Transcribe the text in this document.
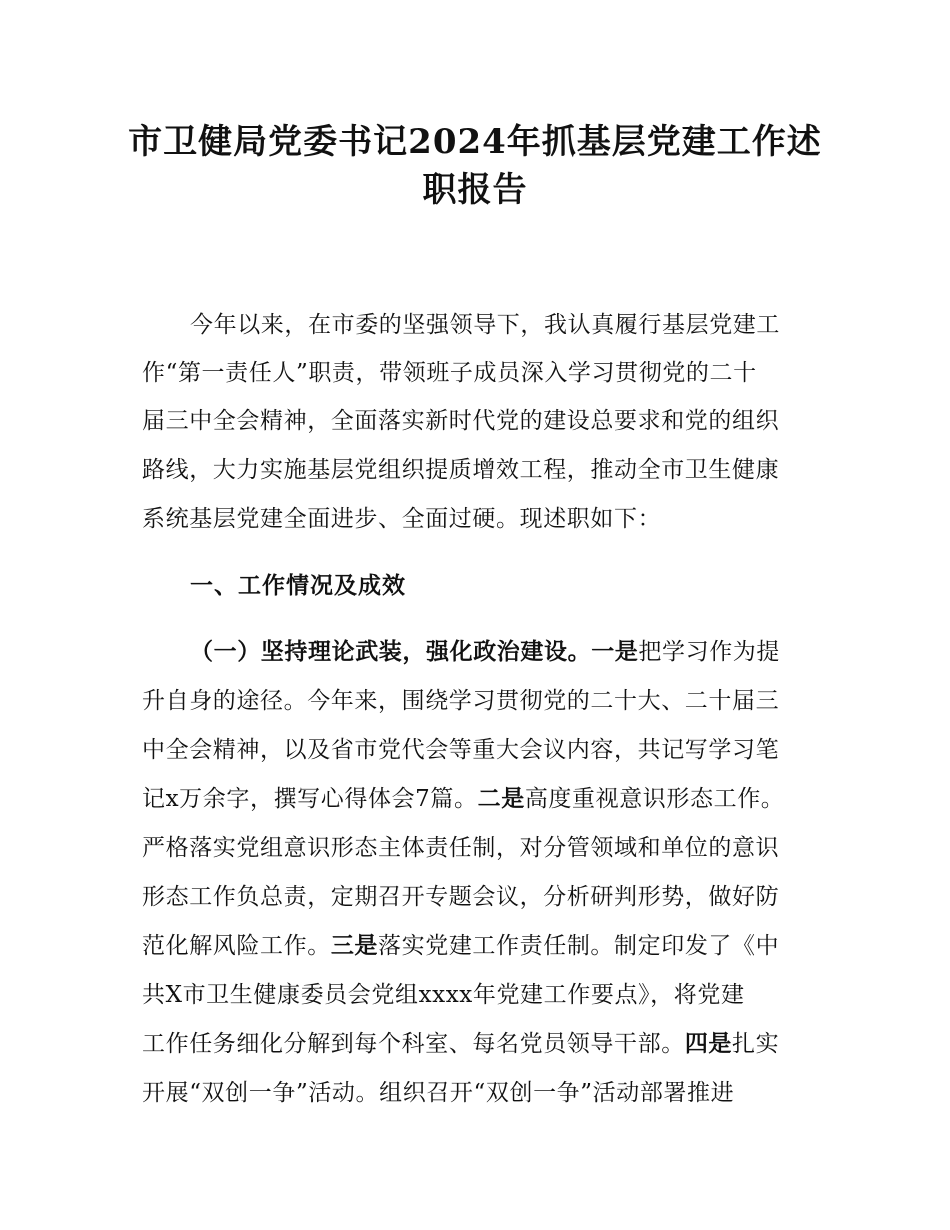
市卫健局党委书记2024年抓基层党建工作述
职报告
今年以来，在市委的坚强领导下，我认真履行基层党建工
作“第一责任人”职责，带领班子成员深入学习贯彻党的二十
届三中全会精神，全面落实新时代党的建设总要求和党的组织
路线，大力实施基层党组织提质增效工程，推动全市卫生健康
系统基层党建全面进步、全面过硬。现述职如下：
一、工作情况及成效
（一）坚持理论武装，强化政治建设。一是把学习作为提
升自身的途径。今年来，围绕学习贯彻党的二十大、二十届三
中全会精神，以及省市党代会等重大会议内容，共记写学习笔
记x万余字，撰写心得体会7篇。二是高度重视意识形态工作。
严格落实党组意识形态主体责任制，对分管领域和单位的意识
形态工作负总责，定期召开专题会议，分析研判形势，做好防
范化解风险工作。三是落实党建工作责任制。制定印发了《中
共X市卫生健康委员会党组xxxx年党建工作要点》，将党建
工作任务细化分解到每个科室、每名党员领导干部。四是扎实
开展“双创一争”活动。组织召开“双创一争”活动部署推进
